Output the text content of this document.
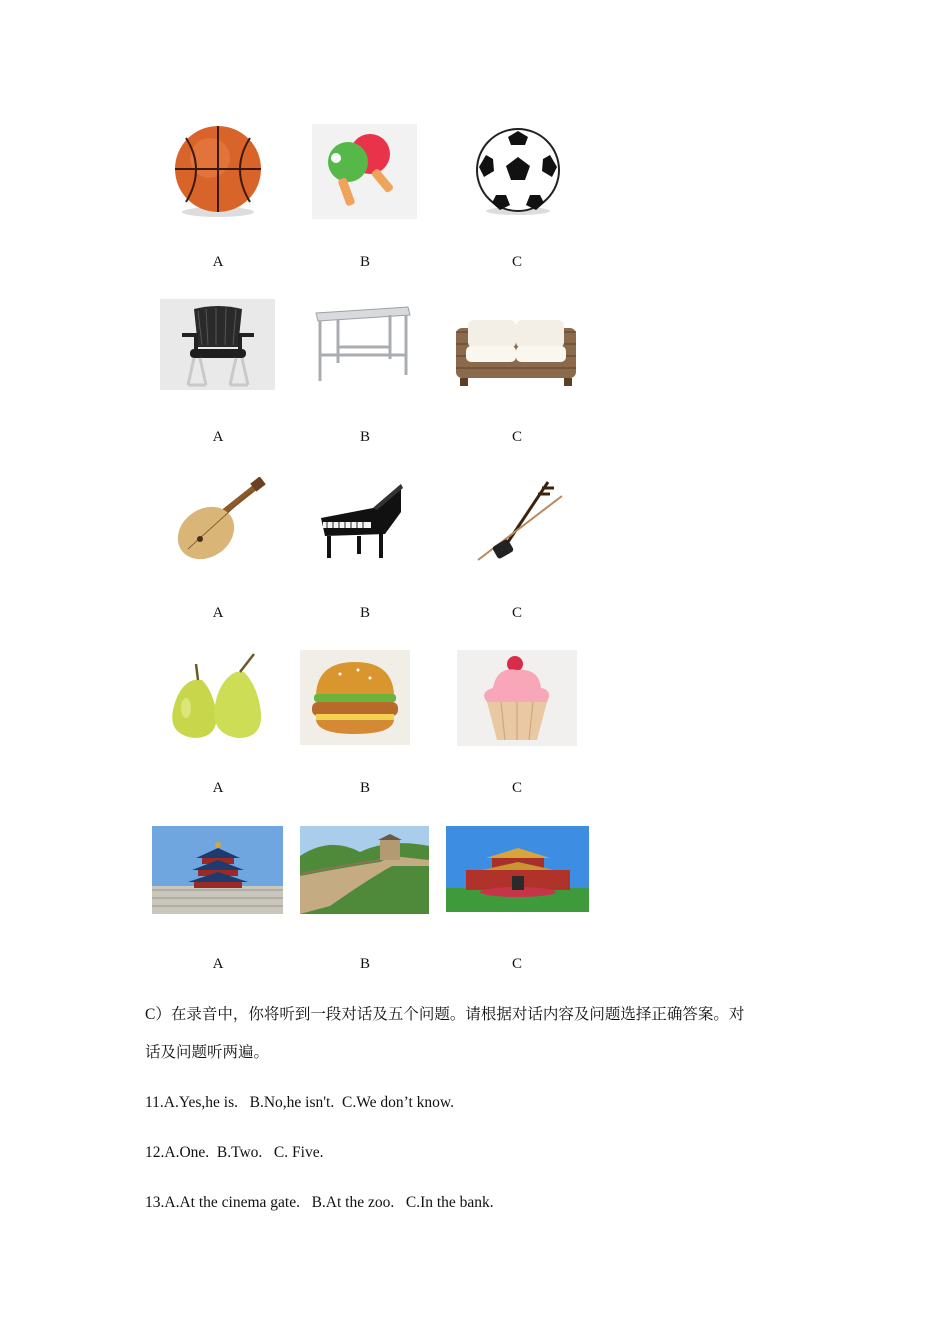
A	B	C
A	B	C
A	B	C
A	B	C
A	B	C
C）在录音中，你将听到一段对话及五个问题。请根据对话内容及问题选择正确答案。对
话及问题听两遍。
11.A.Yes,he is.   B.No,he isn't.  C.We don’t know.
12.A.One.  B.Two.   C. Five.
13.A.At the cinema gate.   B.At the zoo.   C.In the bank.
